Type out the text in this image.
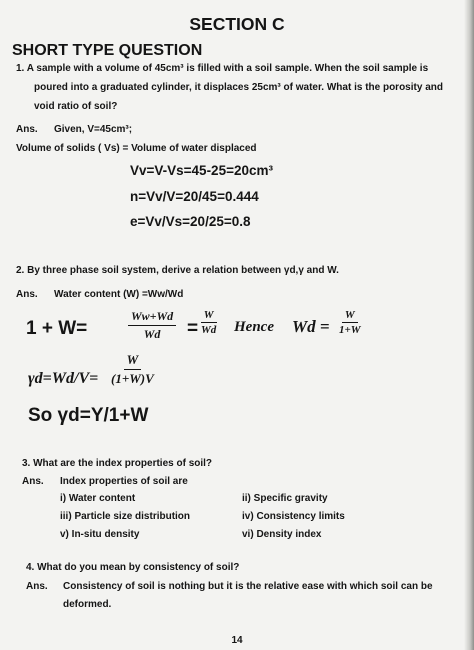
SECTION C
SHORT TYPE QUESTION
1. A sample with a volume of 45cm³ is filled with a soil sample. When the soil sample is
poured into a graduated cylinder, it displaces 25cm³ of water. What is the porosity and
void ratio of soil?
Ans. Given, V=45cm³;
Volume of solids ( Vs) = Volume of water displaced
Vv=V-Vs=45-25=20cm³
n=Vv/V=20/45=0.444
e=Vv/Vs=20/25=0.8
2. By three phase soil system, derive a relation between γd,γ and W.
Ans. Water content (W) =Ww/Wd
1 + W=	$\frac{Ww+Wd}{Wd} = \frac{W}{Wd}$ Hence $Wd = \frac{W}{1+W}$
$\gamma d=Wd/V= \frac{W}{(1+W)V}$
So γd=Y/1+W
3. What are the index properties of soil?
Ans. Index properties of soil are
i) Water content	ii) Specific gravity
iii) Particle size distribution	iv) Consistency limits
v) In-situ density	vi) Density index
4. What do you mean by consistency of soil?
Ans. Consistency of soil is nothing but it is the relative ease with which soil can be
deformed.
14
